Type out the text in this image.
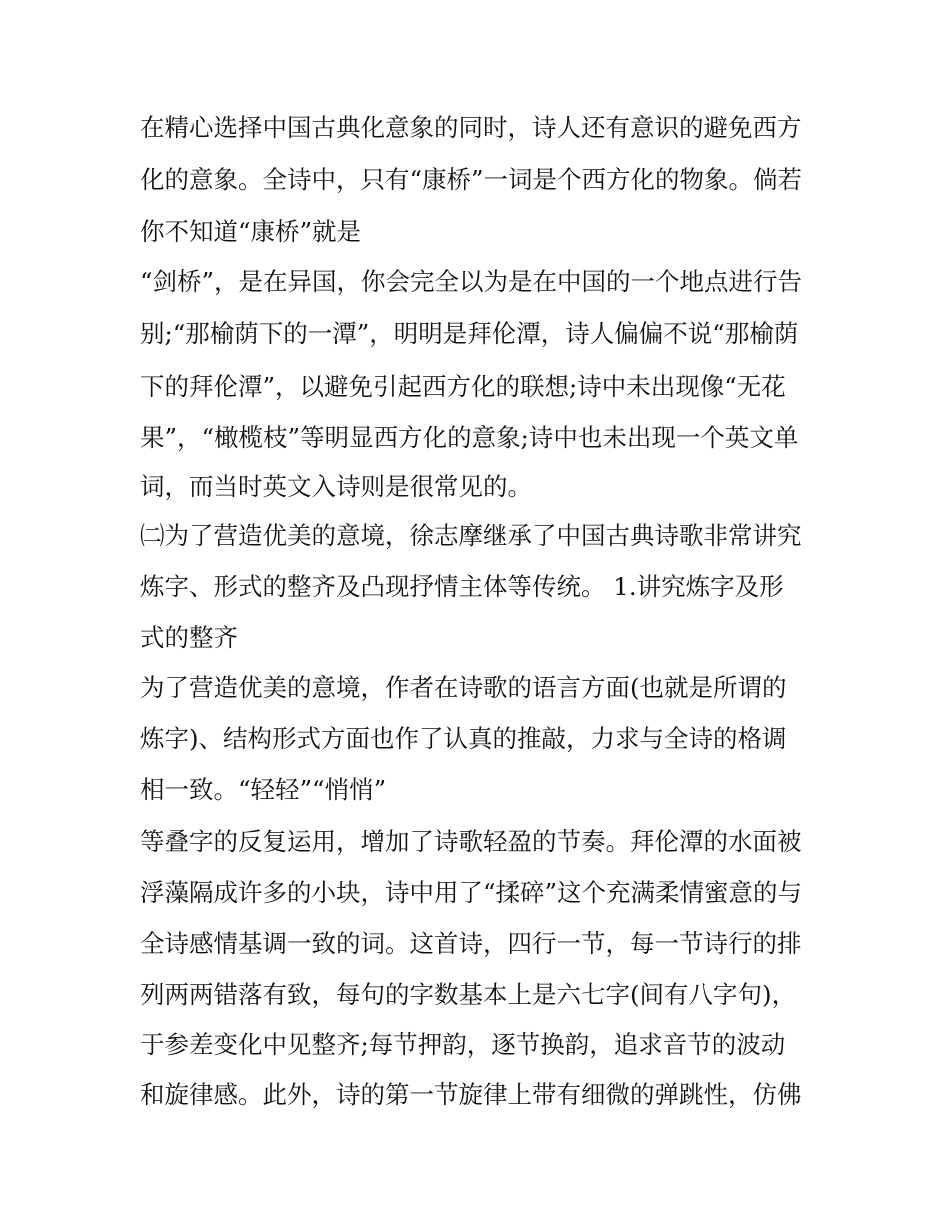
在精心选择中国古典化意象的同时，诗人还有意识的避免西方
化的意象。全诗中，只有“康桥”一词是个西方化的物象。倘若
你不知道“康桥”就是
“剑桥”，是在异国，你会完全以为是在中国的一个地点进行告
别;“那榆荫下的一潭”，明明是拜伦潭，诗人偏偏不说“那榆荫
下的拜伦潭”，以避免引起西方化的联想;诗中未出现像“无花
果”，“橄榄枝”等明显西方化的意象;诗中也未出现一个英文单
词，而当时英文入诗则是很常见的。
㈡为了营造优美的意境，徐志摩继承了中国古典诗歌非常讲究
炼字、形式的整齐及凸现抒情主体等传统。 1.讲究炼字及形
式的整齐
为了营造优美的意境，作者在诗歌的语言方面(也就是所谓的
炼字)、结构形式方面也作了认真的推敲，力求与全诗的格调
相一致。“轻轻”“悄悄”
等叠字的反复运用，增加了诗歌轻盈的节奏。拜伦潭的水面被
浮藻隔成许多的小块，诗中用了“揉碎”这个充满柔情蜜意的与
全诗感情基调一致的词。这首诗，四行一节，每一节诗行的排
列两两错落有致，每句的字数基本上是六七字(间有八字句)，
于参差变化中见整齐;每节押韵，逐节换韵，追求音节的波动
和旋律感。此外，诗的第一节旋律上带有细微的弹跳性，仿佛
